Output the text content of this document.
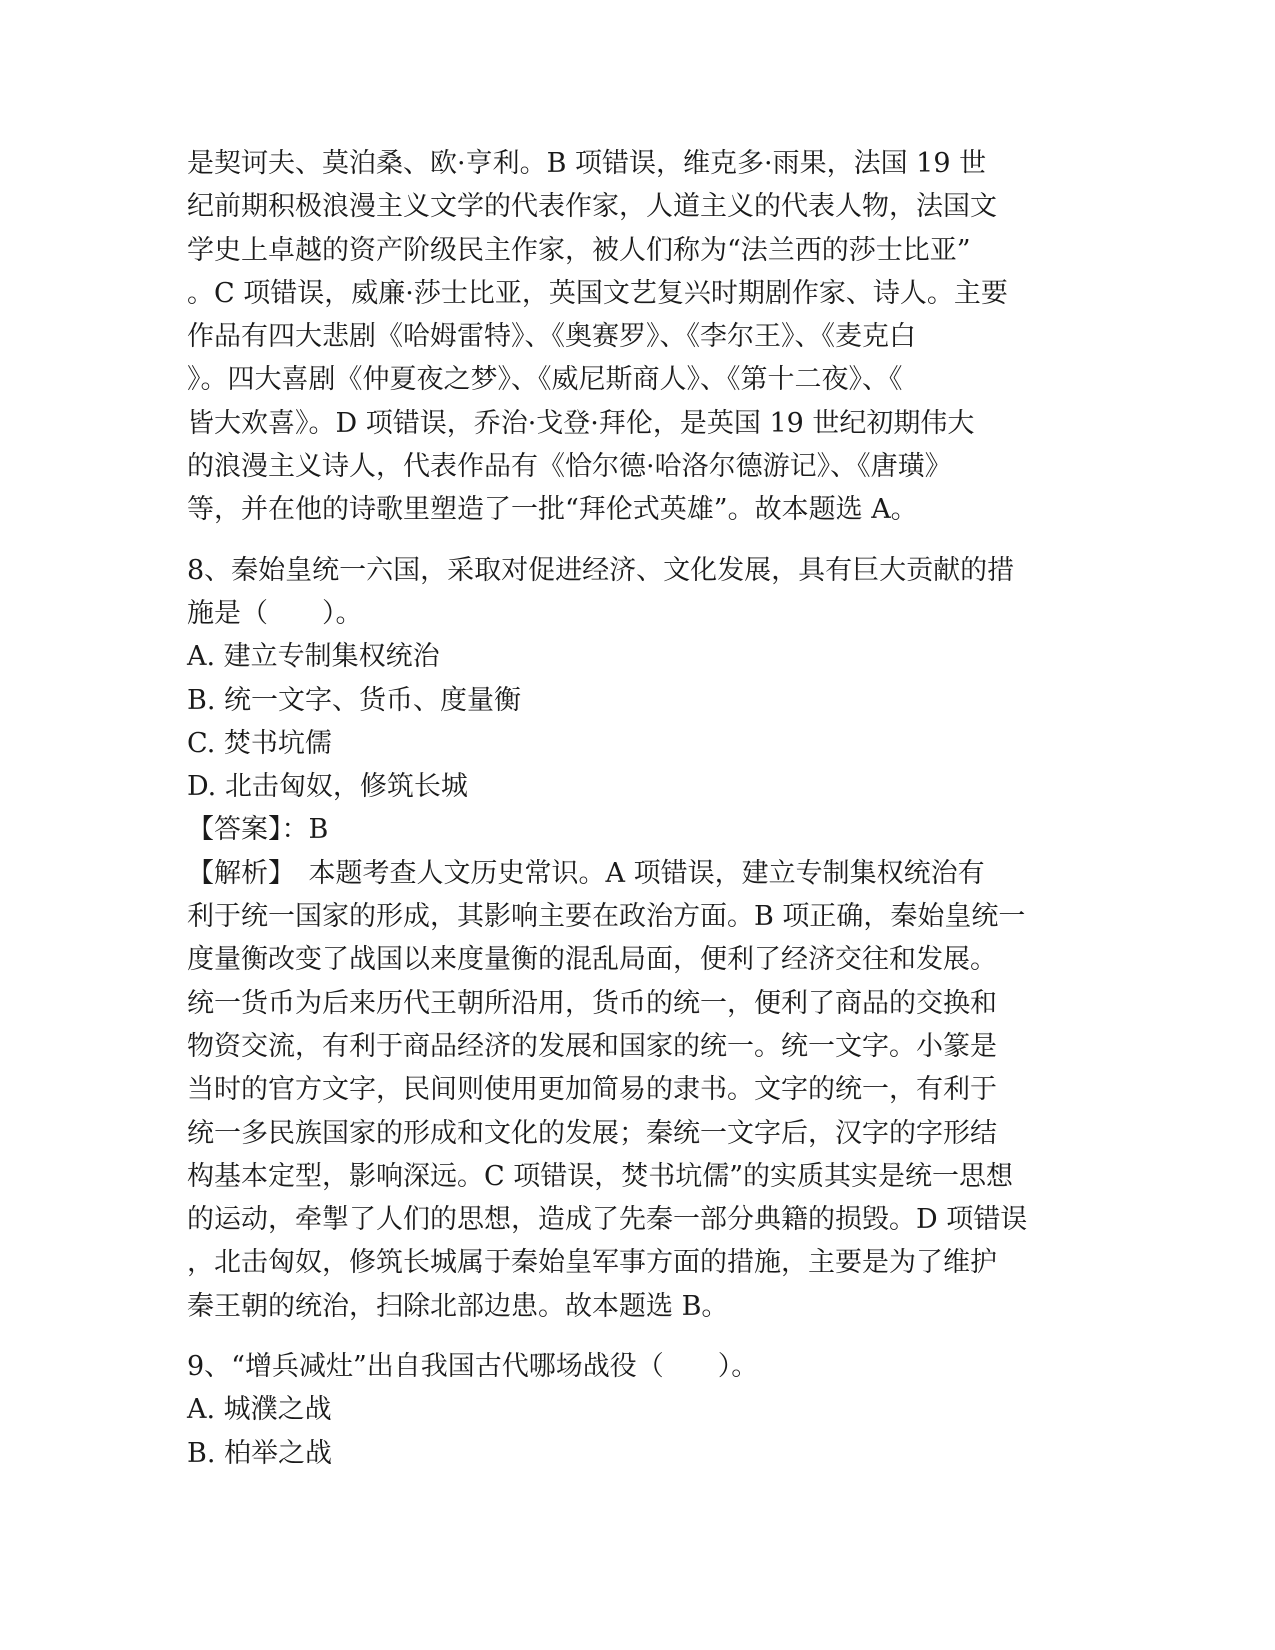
是契诃夫、莫泊桑、欧·亨利。B 项错误，维克多·雨果，法国 19 世
纪前期积极浪漫主义文学的代表作家，人道主义的代表人物，法国文
学史上卓越的资产阶级民主作家，被人们称为“法兰西的莎士比亚”
。C 项错误，威廉·莎士比亚，英国文艺复兴时期剧作家、诗人。主要
作品有四大悲剧《哈姆雷特》、《奥赛罗》、《李尔王》、《麦克白
》。四大喜剧《仲夏夜之梦》、《威尼斯商人》、《第十二夜》、《
皆大欢喜》。D 项错误，乔治·戈登·拜伦，是英国 19 世纪初期伟大
的浪漫主义诗人，代表作品有《恰尔德·哈洛尔德游记》、《唐璜》
等，并在他的诗歌里塑造了一批“拜伦式英雄”。故本题选 A。
8、秦始皇统一六国，采取对促进经济、文化发展，具有巨大贡献的措
施是（　　）。
A. 建立专制集权统治
B. 统一文字、货币、度量衡
C. 焚书坑儒
D. 北击匈奴，修筑长城
【答案】：B
【解析】　本题考查人文历史常识。A 项错误，建立专制集权统治有
利于统一国家的形成，其影响主要在政治方面。B 项正确，秦始皇统一
度量衡改变了战国以来度量衡的混乱局面，便利了经济交往和发展。
统一货币为后来历代王朝所沿用，货币的统一，便利了商品的交换和
物资交流，有利于商品经济的发展和国家的统一。统一文字。小篆是
当时的官方文字，民间则使用更加简易的隶书。文字的统一，有利于
统一多民族国家的形成和文化的发展；秦统一文字后，汉字的字形结
构基本定型，影响深远。C 项错误，焚书坑儒”的实质其实是统一思想
的运动，牵掣了人们的思想，造成了先秦一部分典籍的损毁。D 项错误
，北击匈奴，修筑长城属于秦始皇军事方面的措施，主要是为了维护
秦王朝的统治，扫除北部边患。故本题选 B。
9、“增兵减灶”出自我国古代哪场战役（　　）。
A. 城濮之战
B. 柏举之战
